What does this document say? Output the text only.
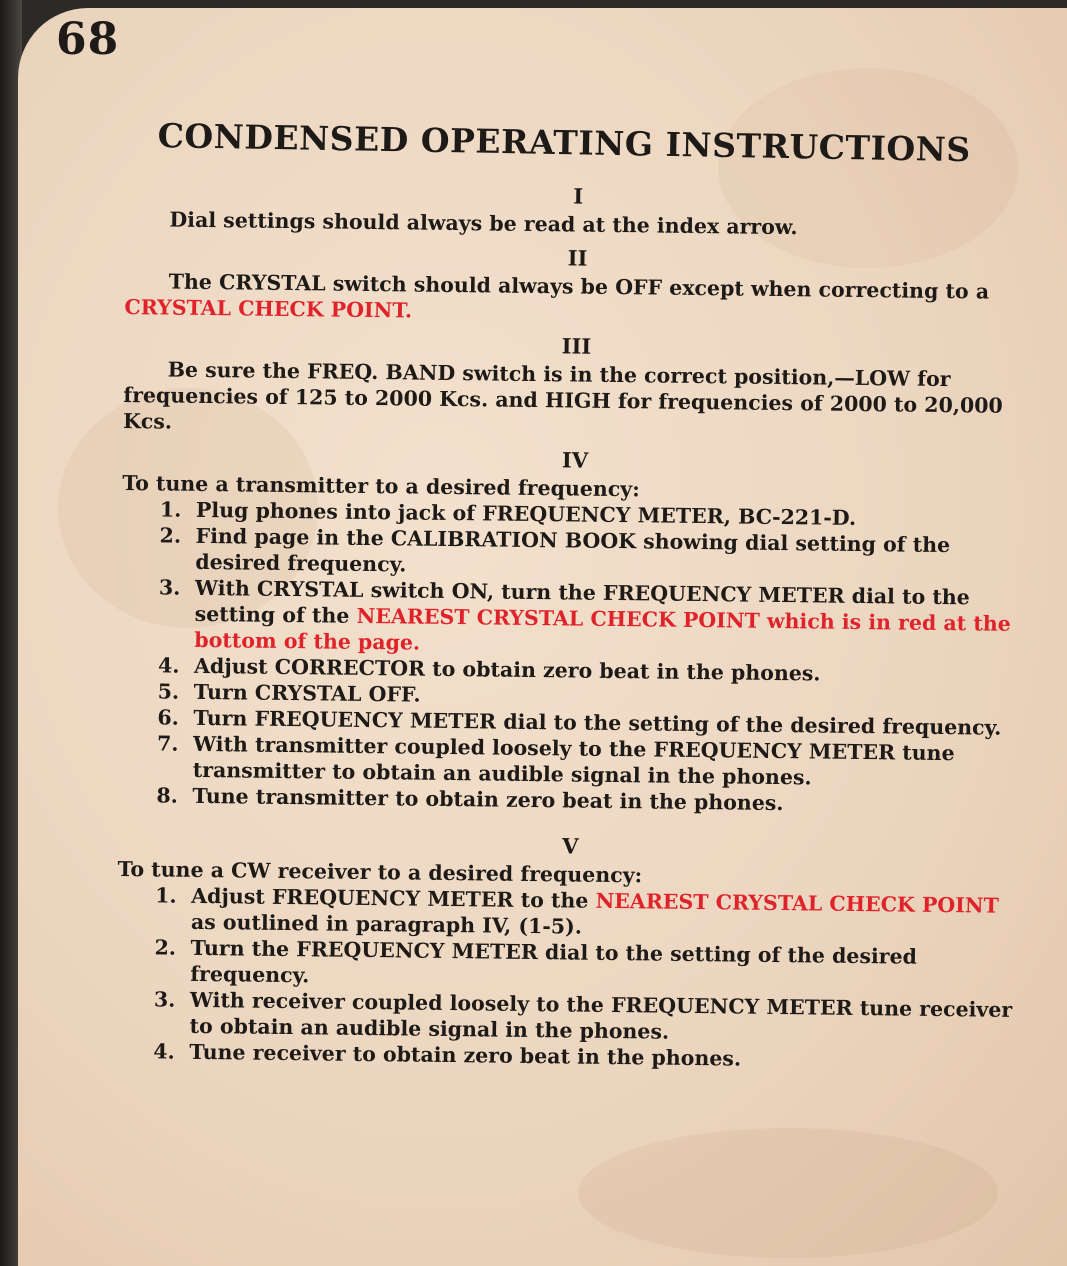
68
CONDENSED OPERATING INSTRUCTIONS
I

Dial settings should always be read at the index arrow.

II

The CRYSTAL switch should always be OFF except when correcting to a CRYSTAL CHECK POINT.

III

Be sure the FREQ. BAND switch is in the correct position,—LOW for frequencies of 125 to 2000 Kcs. and HIGH for frequencies of 2000 to 20,000 Kcs.

IV

To tune a transmitter to a desired frequency:

1. Plug phones into jack of FREQUENCY METER, BC-221-D.
2. Find page in the CALIBRATION BOOK showing dial setting of the desired frequency.
3. With CRYSTAL switch ON, turn the FREQUENCY METER dial to the setting of the NEAREST CRYSTAL CHECK POINT which is in red at the bottom of the page.
4. Adjust CORRECTOR to obtain zero beat in the phones.
5. Turn CRYSTAL OFF.
6. Turn FREQUENCY METER dial to the setting of the desired frequency.
7. With transmitter coupled loosely to the FREQUENCY METER tune transmitter to obtain an audible signal in the phones.
8. Tune transmitter to obtain zero beat in the phones.
V

To tune a CW receiver to a desired frequency:

1. Adjust FREQUENCY METER to the NEAREST CRYSTAL CHECK POINT as outlined in paragraph IV, (1-5).
2. Turn the FREQUENCY METER dial to the setting of the desired frequency.
3. With receiver coupled loosely to the FREQUENCY METER tune receiver to obtain an audible signal in the phones.
4. Tune receiver to obtain zero beat in the phones.
